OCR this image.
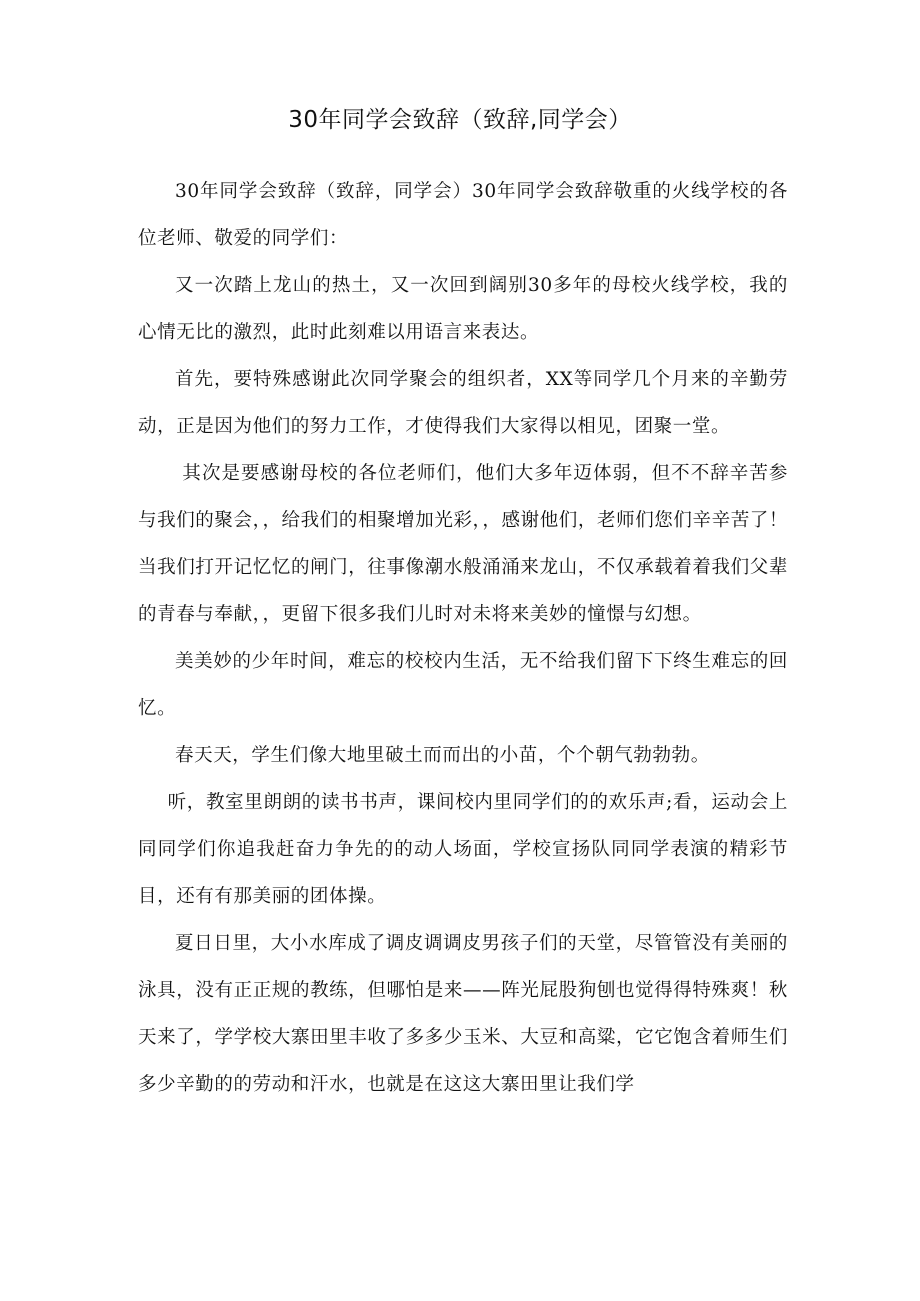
30年同学会致辞（致辞,同学会）

30年同学会致辞（致辞，同学会）30年同学会致辞敬重的火线学校的各位老师、敬爱的同学们：

又一次踏上龙山的热土，又一次回到阔别30多年的母校火线学校，我的心情无比的激烈，此时此刻难以用语言来表达。

首先，要特殊感谢此次同学聚会的组织者，XX等同学几个月来的辛勤劳动，正是因为他们的努力工作，才使得我们大家得以相见，团聚一堂。

其次是要感谢母校的各位老师们，他们大多年迈体弱，但不不辞辛苦参与我们的聚会，，给我们的相聚增加光彩，，感谢他们，老师们您们辛辛苦了！当我们打开记忆忆的闸门，往事像潮水般涌涌来龙山，不仅承载着着我们父辈的青春与奉献，，更留下很多我们儿时对未将来美妙的憧憬与幻想。

美美妙的少年时间，难忘的校校内生活，无不给我们留下下终生难忘的回忆。

春天天，学生们像大地里破土而而出的小苗，个个朝气勃勃勃。

听，教室里朗朗的读书书声，课间校内里同学们的的欢乐声;看，运动会上同同学们你追我赶奋力争先的的动人场面，学校宣扬队同同学表演的精彩节目，还有有那美丽的团体操。

夏日日里，大小水库成了调皮调调皮男孩子们的天堂，尽管管没有美丽的泳具，没有正正规的教练，但哪怕是来——阵光屁股狗刨也觉得得特殊爽！秋天来了，学学校大寨田里丰收了多多少玉米、大豆和高粱，它它饱含着师生们多少辛勤的的劳动和汗水，也就是在这这大寨田里让我们学
